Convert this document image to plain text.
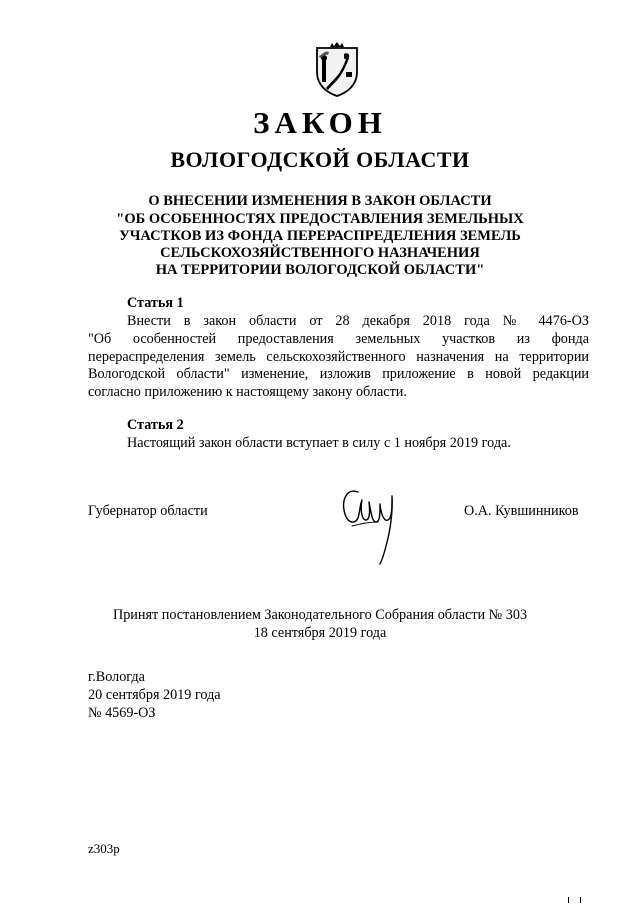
ЗАКОН
ВОЛОГОДСКОЙ ОБЛАСТИ
О ВНЕСЕНИИ ИЗМЕНЕНИЯ В ЗАКОН ОБЛАСТИ
"ОБ ОСОБЕННОСТЯХ ПРЕДОСТАВЛЕНИЯ ЗЕМЕЛЬНЫХ
УЧАСТКОВ ИЗ ФОНДА ПЕРЕРАСПРЕДЕЛЕНИЯ ЗЕМЕЛЬ
СЕЛЬСКОХОЗЯЙСТВЕННОГО НАЗНАЧЕНИЯ
НА ТЕРРИТОРИИ ВОЛОГОДСКОЙ ОБЛАСТИ"
Статья 1
Внести в закон области от 28 декабря 2018 года № 4476-ОЗ
"Об особенностей предоставления земельных участков из фонда
перераспределения земель сельскохозяйственного назначения на территории
Вологодской области" изменение, изложив приложение в новой редакции
согласно приложению к настоящему закону области.
Статья 2
Настоящий закон области вступает в силу с 1 ноября 2019 года.
Губернатор области	О.А. Кувшинников
Принят постановлением Законодательного Собрания области № 303
18 сентября 2019 года
г.Вологда
20 сентября 2019 года
№ 4569-ОЗ
z303p
